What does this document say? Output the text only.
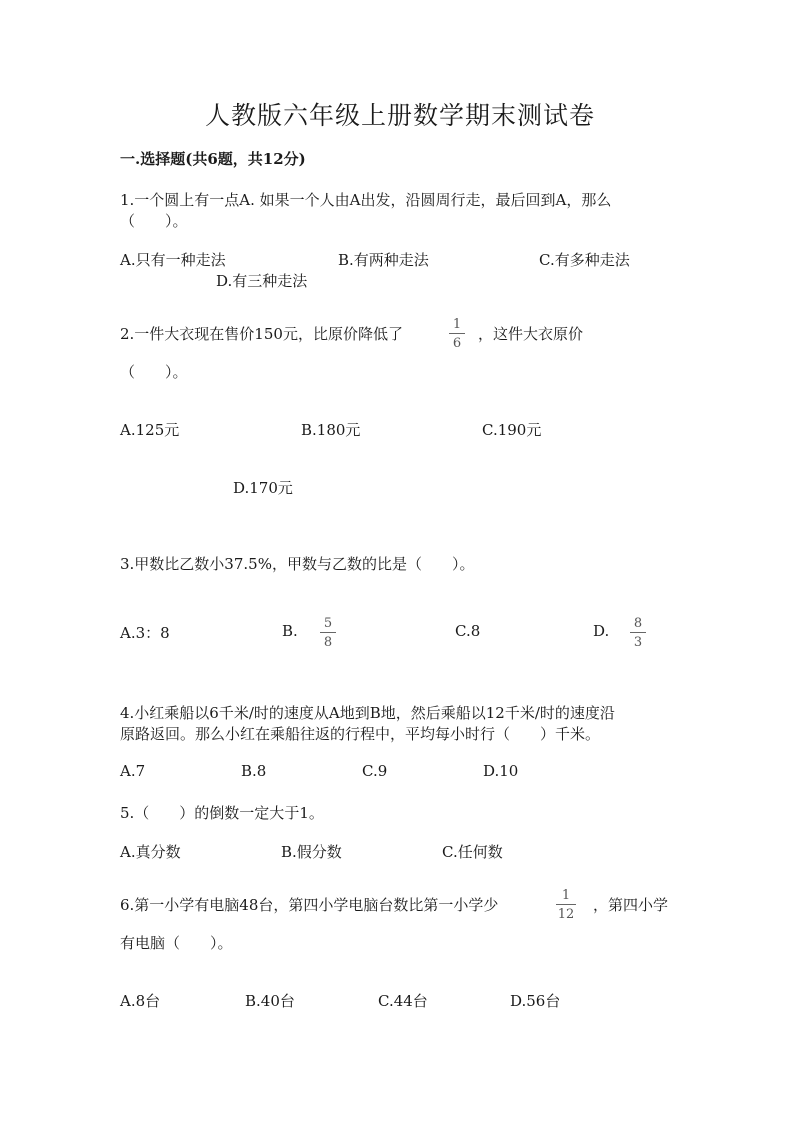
人教版六年级上册数学期末测试卷
一.选择题(共6题，共12分)
1.一个圆上有一点A. 如果一个人由A出发，沿圆周行走，最后回到A，那么
（　　）。
A.只有一种走法	B.有两种走法	C.有多种走法
D.有三种走法
2.一件大衣现在售价150元，比原价降低了
1
6
，这件大衣原价
（　　）。
A.125元	B.180元	C.190元
D.170元
3.甲数比乙数小37.5%，甲数与乙数的比是（　　）。
A.3：8	B.	5
8
C.8	D.	8
3
4.小红乘船以6千米/时的速度从A地到B地，然后乘船以12千米/时的速度沿
原路返回。那么小红在乘船往返的行程中，平均每小时行（　　）千米。
A.7	B.8	C.9	D.10
5.（　　）的倒数一定大于1。
A.真分数	B.假分数	C.任何数
6.第一小学有电脑48台，第四小学电脑台数比第一小学少
1
12
，第四小学
有电脑（　　）。
A.8台	B.40台	C.44台	D.56台
